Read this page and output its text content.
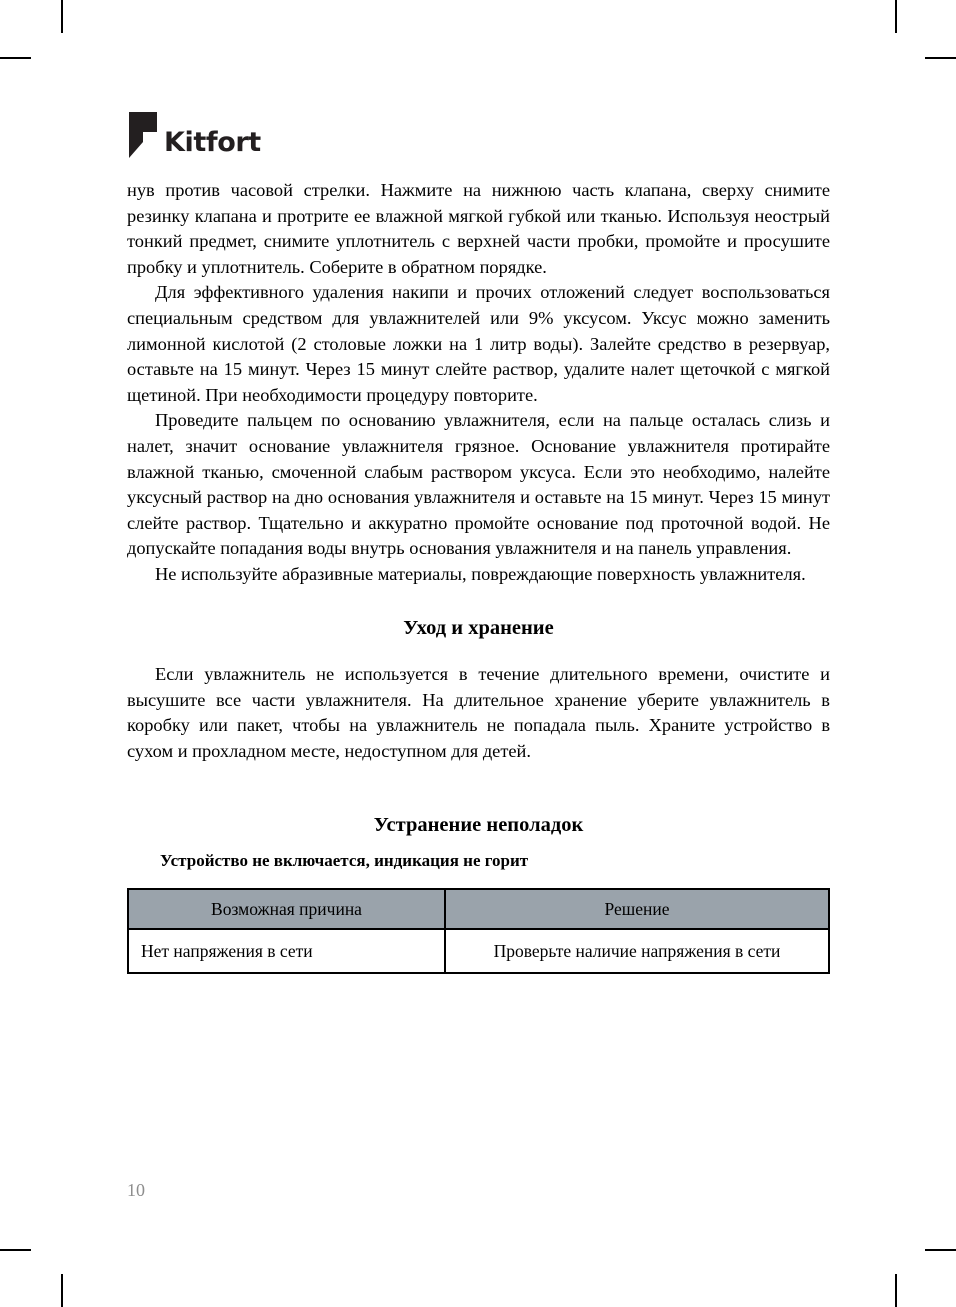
Kitfort

нув против часовой стрелки. Нажмите на нижнюю часть клапана, сверху снимите резинку клапана и протрите ее влажной мягкой губкой или тканью. Используя неострый тонкий предмет, снимите уплотнитель с верхней части пробки, промойте и просушите пробку и уплотнитель. Соберите в обратном порядке.

Для эффективного удаления накипи и прочих отложений следует воспользоваться специальным средством для увлажнителей или 9% уксусом. Уксус можно заменить лимонной кислотой (2 столовые ложки на 1 литр воды). Залейте средство в резервуар, оставьте на 15 минут. Через 15 минут слейте раствор, удалите налет щеточкой с мягкой щетиной. При необходимости процедуру повторите.

Проведите пальцем по основанию увлажнителя, если на пальце осталась слизь и налет, значит основание увлажнителя грязное. Основание увлажнителя протирайте влажной тканью, смоченной слабым раствором уксуса. Если это необходимо, налейте уксусный раствор на дно основания увлажнителя и оставьте на 15 минут. Через 15 минут слейте раствор. Тщательно и аккуратно промойте основание под проточной водой. Не допускайте попадания воды внутрь основания увлажнителя и на панель управления.

Не используйте абразивные материалы, повреждающие поверхность увлажнителя.

Уход и хранение

Если увлажнитель не используется в течение длительного времени, очистите и высушите все части увлажнителя. На длительное хранение уберите увлажнитель в коробку или пакет, чтобы на увлажнитель не попадала пыль. Храните устройство в сухом и прохладном месте, недоступном для детей.

Устранение неполадок
Устройство не включается, индикация не горит
Возможная причина	Решение
Нет напряжения в сети	Проверьте наличие напряжения в сети
10
